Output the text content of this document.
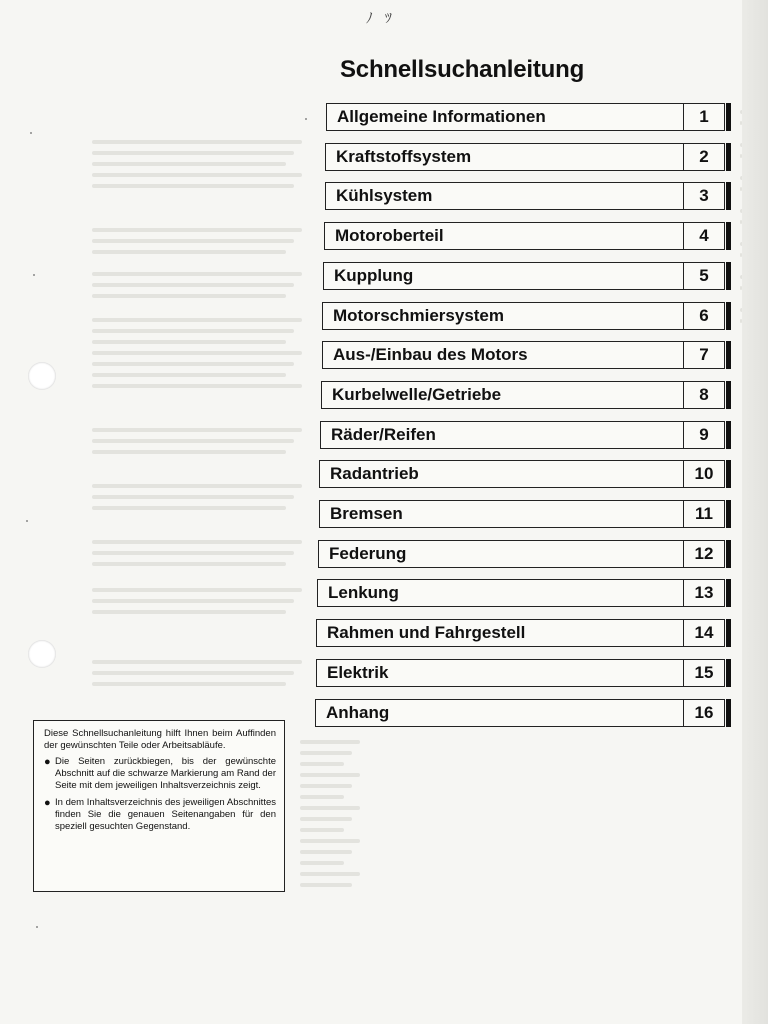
ﾉ ﾂ
Schnellsuchanleitung
Allgemeine Informationen	1
Kraftstoffsystem	2
Kühlsystem	3
Motoroberteil	4
Kupplung	5
Motorschmiersystem	6
Aus-/Einbau des Motors	7
Kurbelwelle/Getriebe	8
Räder/Reifen	9
Radantrieb	10
Bremsen	11
Federung	12
Lenkung	13
Rahmen und Fahrgestell	14
Elektrik	15
Anhang	16

Diese Schnellsuchanleitung hilft Ihnen beim Auffinden der gewünschten Teile oder Arbeitsabläufe.

● Die Seiten zurückbiegen, bis der gewünschte Abschnitt auf die schwarze Markierung am Rand der Seite mit dem jeweiligen Inhaltsverzeichnis zeigt.
● In dem Inhaltsverzeichnis des jeweiligen Abschnittes finden Sie die genauen Seitenangaben für den speziell gesuchten Gegenstand.
